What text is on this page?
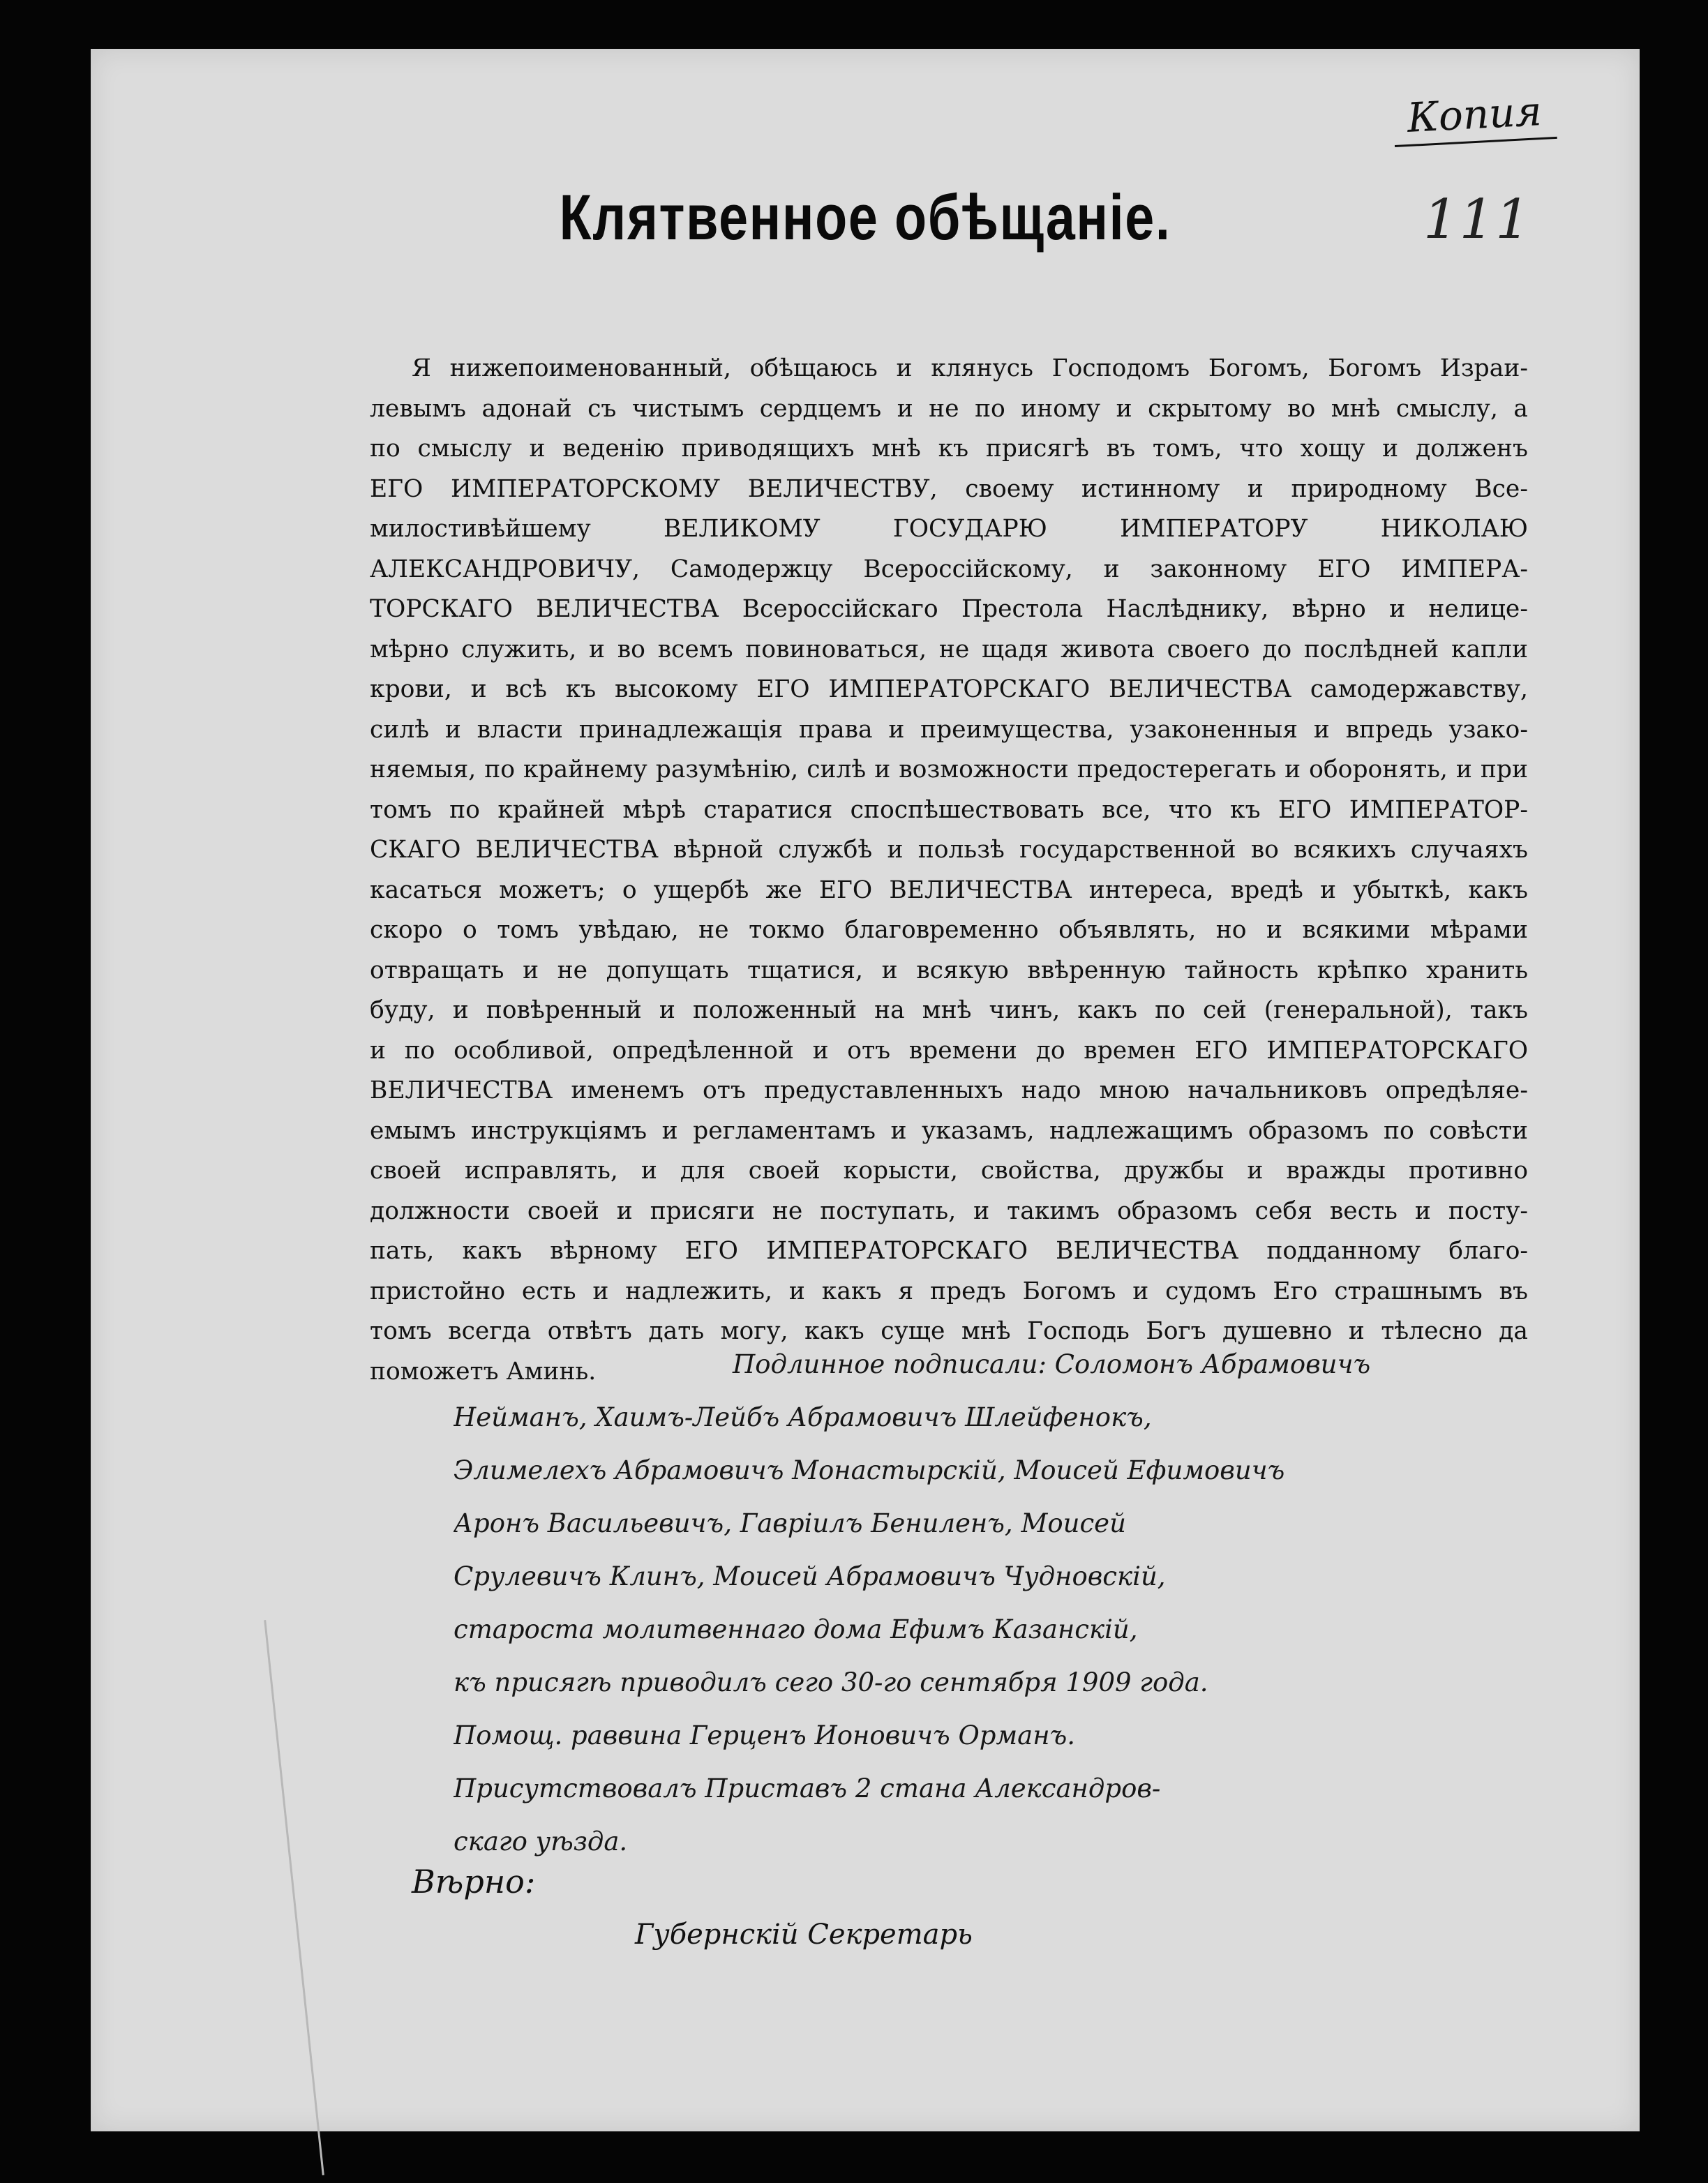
Копия
111
Клятвенное обѣщаніе.
Я нижепоименованный, обѣщаюсь и клянусь Господомъ Богомъ, Богомъ Израи-
левымъ адонай съ чистымъ сердцемъ и не по иному и скрытому во мнѣ смыслу, а
по смыслу и веденію приводящихъ мнѣ къ присягѣ въ томъ, что хощу и долженъ
ЕГО ИМПЕРАТОРСКОМУ ВЕЛИЧЕСТВУ, своему истинному и природному Все-
милостивѣйшему ВЕЛИКОМУ ГОСУДАРЮ ИМПЕРАТОРУ НИКОЛАЮ
АЛЕКСАНДРОВИЧУ, Самодержцу Всероссійскому, и законному ЕГО ИМПЕРА-
ТОРСКАГО ВЕЛИЧЕСТВА Всероссійскаго Престола Наслѣднику, вѣрно и нелице-
мѣрно служить, и во всемъ повиноваться, не щадя живота своего до послѣдней капли
крови, и всѣ къ высокому ЕГО ИМПЕРАТОРСКАГО ВЕЛИЧЕСТВА самодержавству,
силѣ и власти принадлежащія права и преимущества, узаконенныя и впредь узако-
няемыя, по крайнему разумѣнію, силѣ и возможности предостерегать и оборонять, и при
томъ по крайней мѣрѣ старатися споспѣшествовать все, что къ ЕГО ИМПЕРАТОР-
СКАГО ВЕЛИЧЕСТВА вѣрной службѣ и пользѣ государственной во всякихъ случаяхъ
касаться можетъ; о ущербѣ же ЕГО ВЕЛИЧЕСТВА интереса, вредѣ и убыткѣ, какъ
скоро о томъ увѣдаю, не токмо благовременно объявлять, но и всякими мѣрами
отвращать и не допущать тщатися, и всякую ввѣренную тайность крѣпко хранить
буду, и повѣренный и положенный на мнѣ чинъ, какъ по сей (генеральной), такъ
и по особливой, опредѣленной и отъ времени до времен ЕГО ИМПЕРАТОРСКАГО
ВЕЛИЧЕСТВА именемъ отъ предуставленныхъ надо мною начальниковъ опредѣляе-
емымъ инструкціямъ и регламентамъ и указамъ, надлежащимъ образомъ по совѣсти
своей исправлять, и для своей корысти, свойства, дружбы и вражды противно
должности своей и присяги не поступать, и такимъ образомъ себя весть и посту-
пать, какъ вѣрному ЕГО ИМПЕРАТОРСКАГО ВЕЛИЧЕСТВА подданному благо-
пристойно есть и надлежить, и какъ я предъ Богомъ и судомъ Его страшнымъ въ
томъ всегда отвѣтъ дать могу, какъ суще мнѣ Господь Богъ душевно и тѣлесно да
поможетъ Аминь.	Подлинное подписали: Соломонъ Абрамовичъ
Нейманъ, Хаимъ-Лейбъ Абрамовичъ Шлейфенокъ,
Элимелехъ Абрамовичъ Монастырскій, Моисей Ефимовичъ
Аронъ Васильевичъ, Гавріилъ Бениленъ, Моисей
Срулевичъ Клинъ, Моисей Абрамовичъ Чудновскій,
староста молитвеннаго дома Ефимъ Казанскій,
къ присягѣ приводилъ сего 30-го сентября 1909 года.
Помощ. раввина Герценъ Ионовичъ Орманъ.
Присутствовалъ Приставъ 2 стана Александров-
скаго уѣзда.
Вѣрно:
Губернскій Секретарь
